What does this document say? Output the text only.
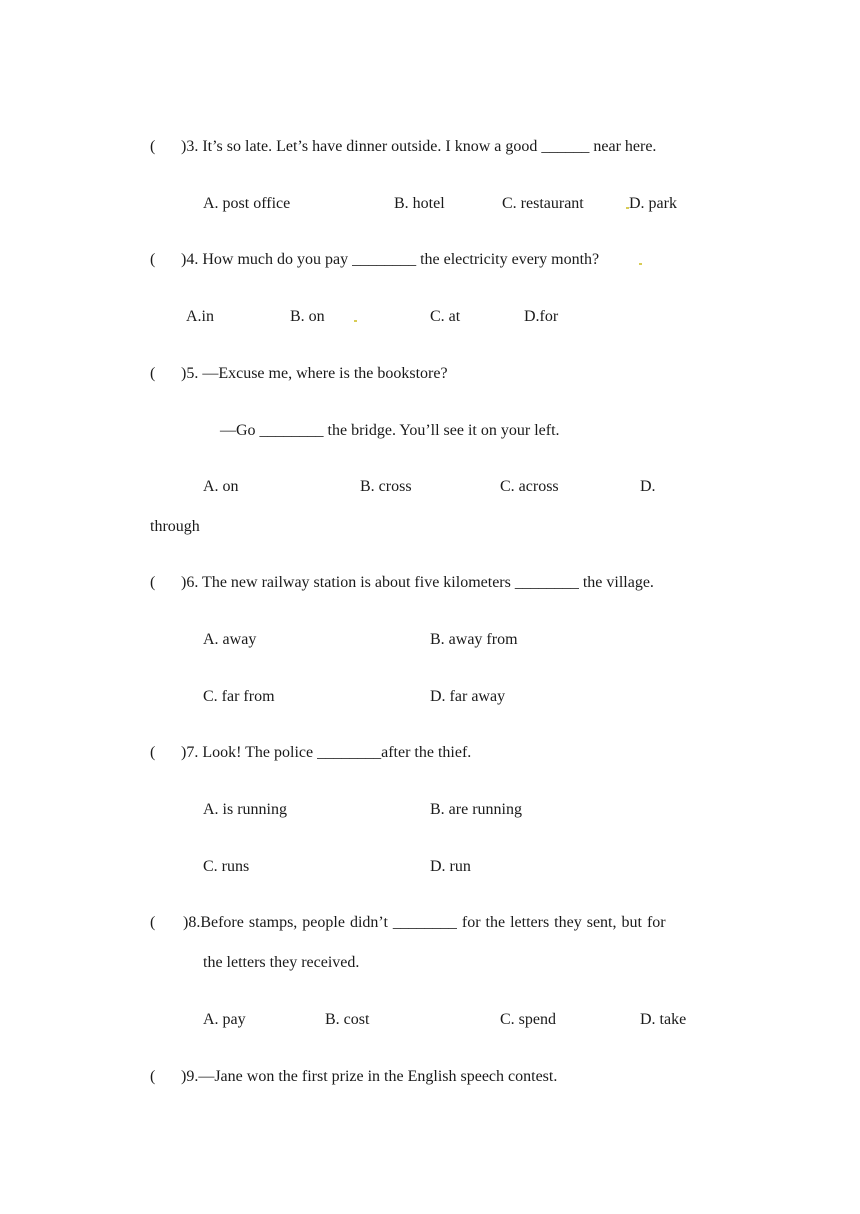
( )3. It’s so late. Let’s have dinner outside. I know a good ______ near here.
A. post office	B. hotel	C. restaurant	D. park
( )4. How much do you pay ________ the electricity every month?
A.in	B. on	C. at	D.for
( )5. —Excuse me, where is the bookstore?
—Go ________ the bridge. You’ll see it on your left.
A. on	B. cross	C. across	D.
through
( )6. The new railway station is about five kilometers ________ the village.
A. away	B. away from
C. far from	D. far away
( )7. Look! The police ________after the thief.
A. is running	B. are running
C. runs	D. run
( )8.Before stamps, people didn’t ________ for the letters they sent, but for
the letters they received.
A. pay	B. cost	C. spend	D. take
( )9.—Jane won the first prize in the English speech contest.
